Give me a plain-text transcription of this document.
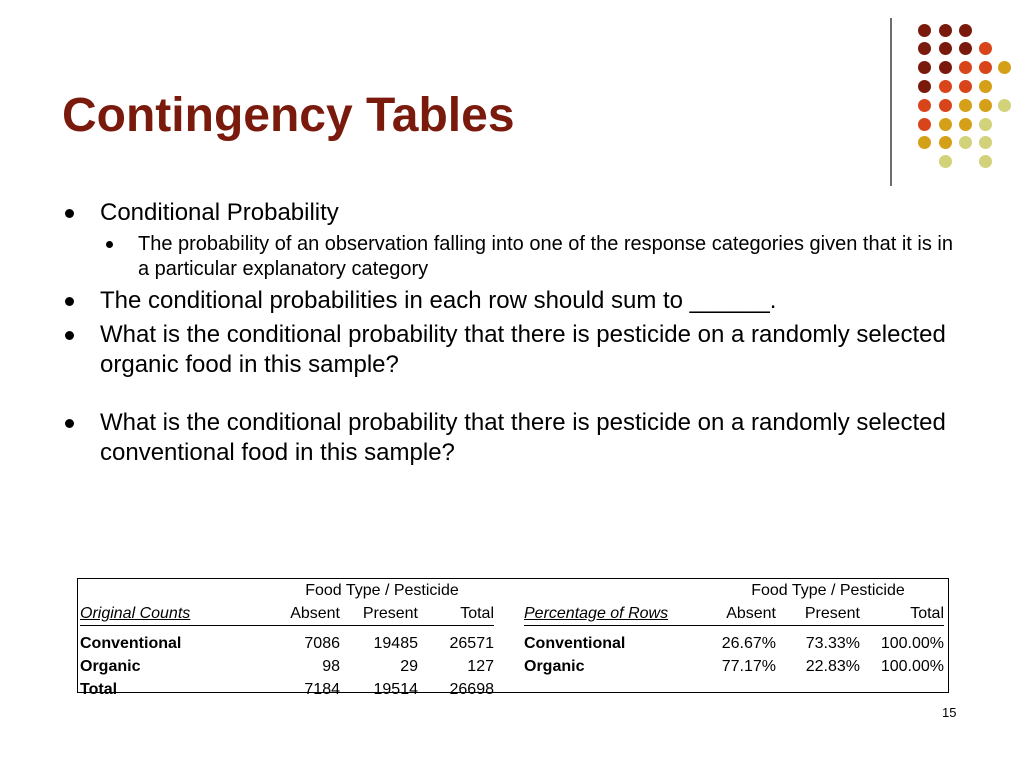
Contingency Tables
Conditional Probability
The probability of an observation falling into one of the response categories given that it is in a particular explanatory category
The conditional probabilities in each row should sum to ______.
What is the conditional probability that there is pesticide on a randomly selected organic food in this sample?
What is the conditional probability that there is pesticide on a randomly selected conventional food in this sample?
	Food Type / Pesticide		
Original Counts	Absent	Present	Total
Conventional	7086	19485	26571
Organic	98	29	127
Total	7184	19514	26698
	Food Type / Pesticide		
Percentage of Rows	Absent	Present	Total
Conventional	26.67%	73.33%	100.00%
Organic	77.17%	22.83%	100.00%
15
